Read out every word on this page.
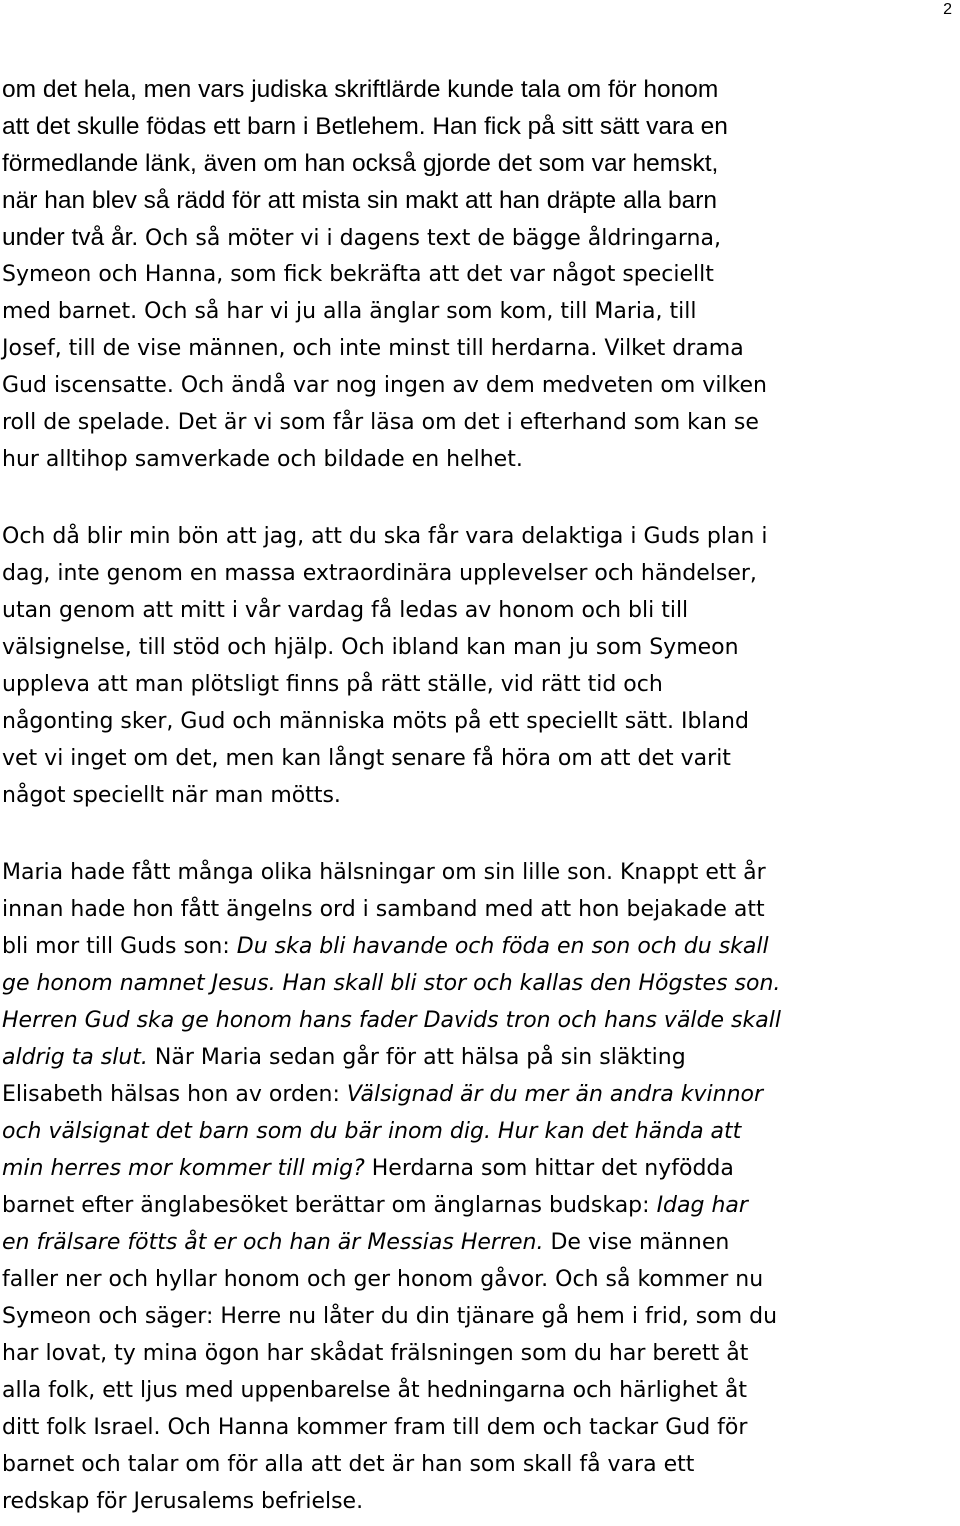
2
om det hela, men vars judiska skriftlärde kunde tala om för honom
att det skulle födas ett barn i Betlehem. Han fick på sitt sätt vara en
förmedlande länk, även om han också gjorde det som var hemskt,
när han blev så rädd för att mista sin makt att han dräpte alla barn
under två år. Och så möter vi i dagens text de bägge åldringarna,
Symeon och Hanna, som fick bekräfta att det var något speciellt
med barnet. Och så har vi ju alla änglar som kom, till Maria, till
Josef, till de vise männen, och inte minst till herdarna. Vilket drama
Gud iscensatte. Och ändå var nog ingen av dem medveten om vilken
roll de spelade. Det är vi som får läsa om det i efterhand som kan se
hur alltihop samverkade och bildade en helhet.
Och då blir min bön att jag, att du ska får vara delaktiga i Guds plan i
dag, inte genom en massa extraordinära upplevelser och händelser,
utan genom att mitt i vår vardag få ledas av honom och bli till
välsignelse, till stöd och hjälp. Och ibland kan man ju som Symeon
uppleva att man plötsligt finns på rätt ställe, vid rätt tid och
någonting sker, Gud och människa möts på ett speciellt sätt. Ibland
vet vi inget om det, men kan långt senare få höra om att det varit
något speciellt när man mötts.
Maria hade fått många olika hälsningar om sin lille son. Knappt ett år
innan hade hon fått ängelns ord i samband med att hon bejakade att
bli mor till Guds son: Du ska bli havande och föda en son och du skall
ge honom namnet Jesus. Han skall bli stor och kallas den Högstes son.
Herren Gud ska ge honom hans fader Davids tron och hans välde skall
aldrig ta slut. När Maria sedan går för att hälsa på sin släkting
Elisabeth hälsas hon av orden: Välsignad är du mer än andra kvinnor
och välsignat det barn som du bär inom dig. Hur kan det hända att
min herres mor kommer till mig? Herdarna som hittar det nyfödda
barnet efter änglabesöket berättar om änglarnas budskap: Idag har
en frälsare fötts åt er och han är Messias Herren. De vise männen
faller ner och hyllar honom och ger honom gåvor. Och så kommer nu
Symeon och säger: Herre nu låter du din tjänare gå hem i frid, som du
har lovat, ty mina ögon har skådat frälsningen som du har berett åt
alla folk, ett ljus med uppenbarelse åt hedningarna och härlighet åt
ditt folk Israel. Och Hanna kommer fram till dem och tackar Gud för
barnet och talar om för alla att det är han som skall få vara ett
redskap för Jerusalems befrielse.
